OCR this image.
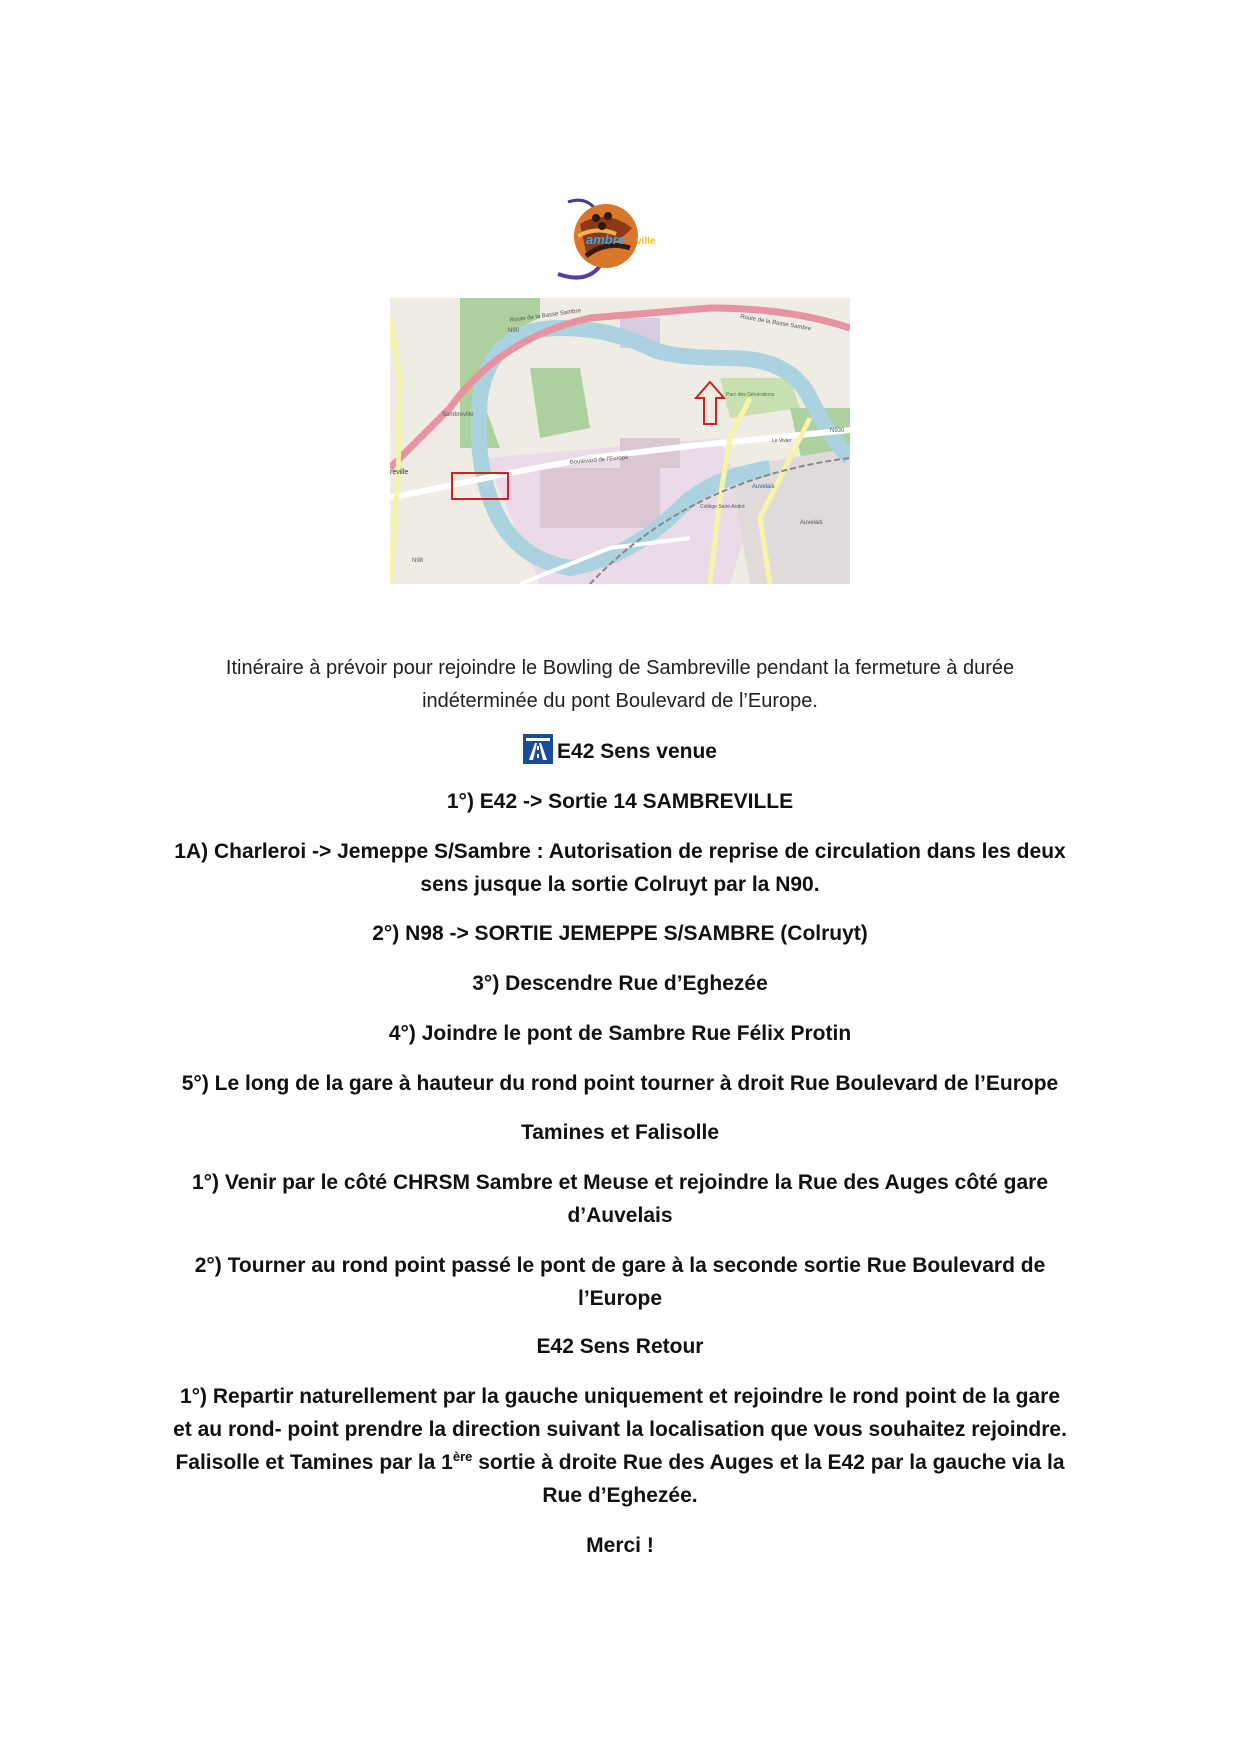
ambre ville
Route de la Basse Sambre	Route de la Basse Sambre
N90
N98
N930
Parc des Générations
Boulevard de l'Europe
Sambreville
reville
Auvelais
Auvelais
Collège Saint-André
Le Vivier

Itinéraire à prévoir pour rejoindre le Bowling de Sambreville pendant la fermeture à durée
indéterminée du pont Boulevard de l’Europe.

E42 Sens venue

1°) E42 -> Sortie 14 SAMBREVILLE

1A) Charleroi -> Jemeppe S/Sambre : Autorisation de reprise de circulation dans les deux
sens jusque la sortie Colruyt par la N90.

2°) N98 -> SORTIE JEMEPPE S/SAMBRE (Colruyt)

3°) Descendre Rue d’Eghezée

4°) Joindre le pont de Sambre Rue Félix Protin

5°) Le long de la gare à hauteur du rond point tourner à droit Rue Boulevard de l’Europe

Tamines et Falisolle

1°) Venir par le côté CHRSM Sambre et Meuse et rejoindre la Rue des Auges côté gare
d’Auvelais

2°) Tourner au rond point passé le pont de gare à la seconde sortie Rue Boulevard de
l’Europe

E42 Sens Retour

1°) Repartir naturellement par la gauche uniquement et rejoindre le rond point de la gare
et au rond- point prendre la direction suivant la localisation que vous souhaitez rejoindre.
Falisolle et Tamines par la 1ère sortie à droite Rue des Auges et la E42 par la gauche via la
Rue d’Eghezée.

Merci !
